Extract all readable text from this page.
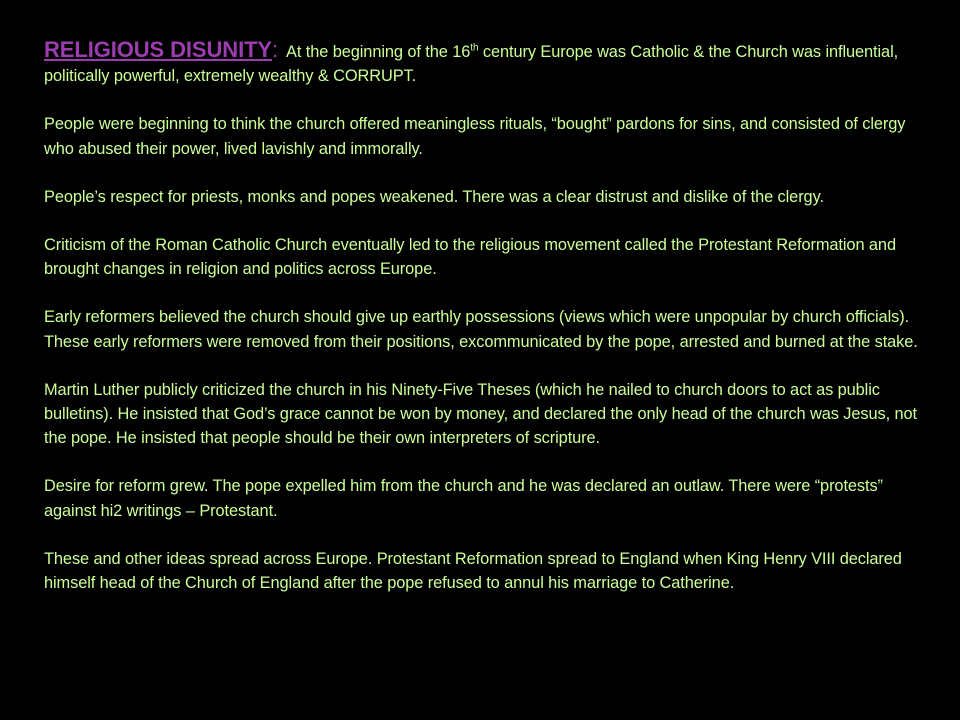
RELIGIOUS DISUNITY: At the beginning of the 16th century Europe was Catholic & the Church was influential, politically powerful, extremely wealthy & CORRUPT.

People were beginning to think the church offered meaningless rituals, “bought” pardons for sins, and consisted of clergy who abused their power, lived lavishly and immorally.

People’s respect for priests, monks and popes weakened. There was a clear distrust and dislike of the clergy.

Criticism of the Roman Catholic Church eventually led to the religious movement called the Protestant Reformation and brought changes in religion and politics across Europe.

Early reformers believed the church should give up earthly possessions (views which were unpopular by church officials). These early reformers were removed from their positions, excommunicated by the pope, arrested and burned at the stake.

Martin Luther publicly criticized the church in his Ninety-Five Theses (which he nailed to church doors to act as public bulletins). He insisted that God’s grace cannot be won by money, and declared the only head of the church was Jesus, not the pope. He insisted that people should be their own interpreters of scripture.

Desire for reform grew. The pope expelled him from the church and he was declared an outlaw. There were “protests” against hi2 writings – Protestant.

These and other ideas spread across Europe. Protestant Reformation spread to England when King Henry VIII declared himself head of the Church of England after the pope refused to annul his marriage to Catherine.
